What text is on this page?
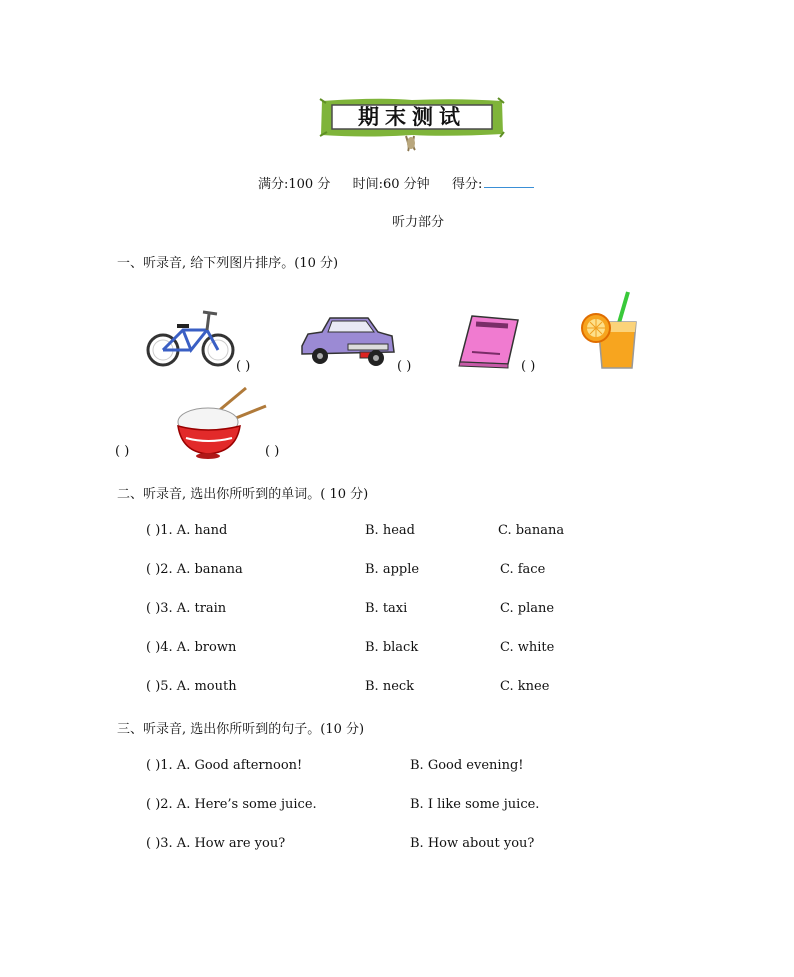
期末测试
满分:100 分 时间:60 分钟 得分:
听力部分
一、听录音, 给下列图片排序。(10 分)
( )	( )	( )
( )	( )
二、听录音, 选出你所听到的单词。( 10 分)
( )1. A. hand	B. head	C. banana
( )2. A. banana	B. apple	C. face
( )3. A. train	B. taxi	C. plane
( )4. A. brown	B. black	C. white
( )5. A. mouth	B. neck	C. knee
三、听录音, 选出你所听到的句子。(10 分)
( )1. A. Good afternoon!	B. Good evening!
( )2. A. Here’s some juice.	B. I like some juice.
( )3. A. How are you?	B. How about you?
